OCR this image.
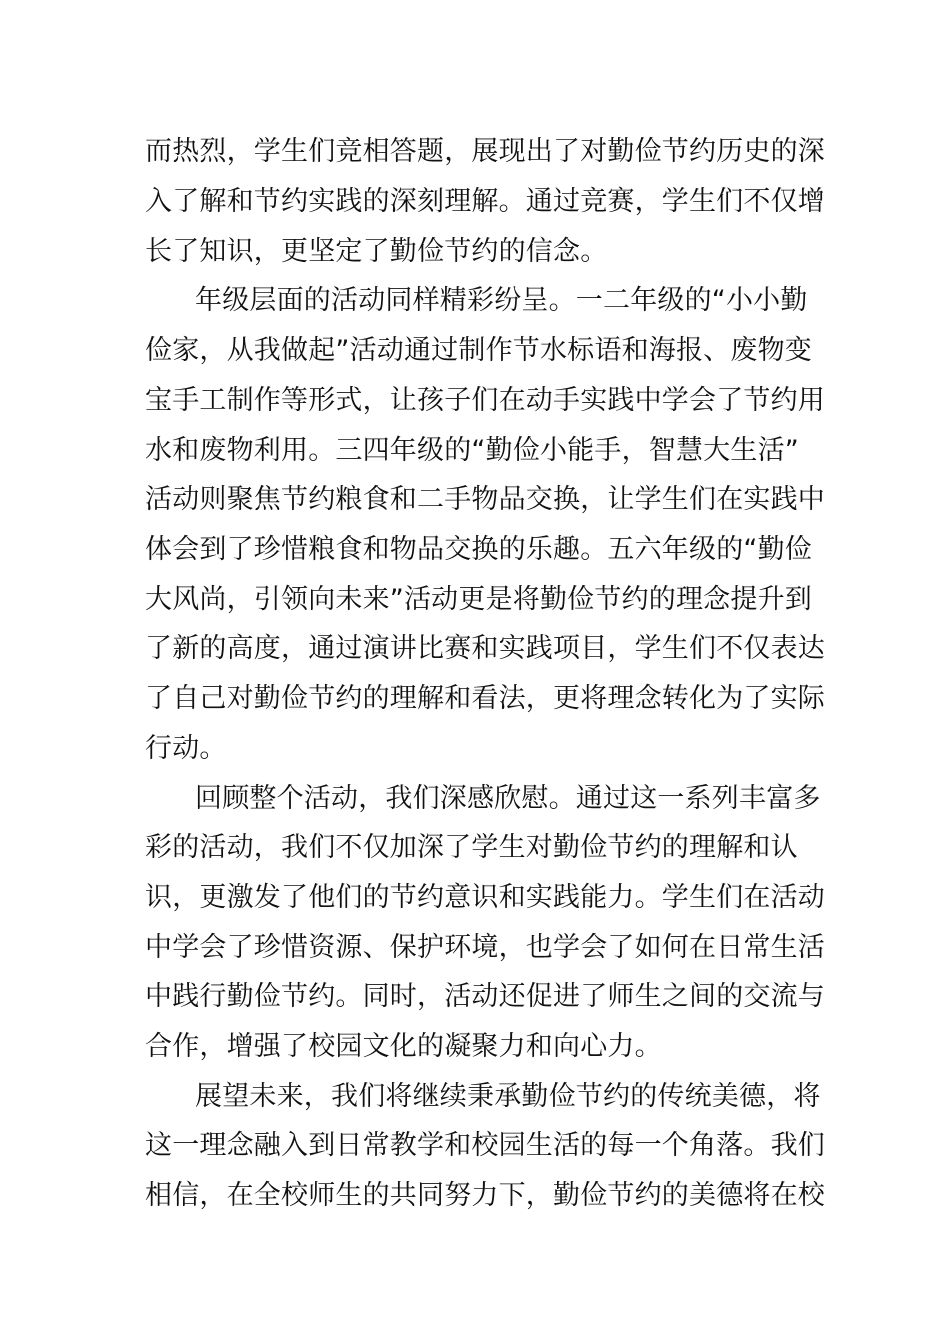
而热烈，学生们竞相答题，展现出了对勤俭节约历史的深
入了解和节约实践的深刻理解。通过竞赛，学生们不仅增
长了知识，更坚定了勤俭节约的信念。
年级层面的活动同样精彩纷呈。一二年级的“小小勤
俭家，从我做起”活动通过制作节水标语和海报、废物变
宝手工制作等形式，让孩子们在动手实践中学会了节约用
水和废物利用。三四年级的“勤俭小能手，智慧大生活”
活动则聚焦节约粮食和二手物品交换，让学生们在实践中
体会到了珍惜粮食和物品交换的乐趣。五六年级的“勤俭
大风尚，引领向未来”活动更是将勤俭节约的理念提升到
了新的高度，通过演讲比赛和实践项目，学生们不仅表达
了自己对勤俭节约的理解和看法，更将理念转化为了实际
行动。
回顾整个活动，我们深感欣慰。通过这一系列丰富多
彩的活动，我们不仅加深了学生对勤俭节约的理解和认
识，更激发了他们的节约意识和实践能力。学生们在活动
中学会了珍惜资源、保护环境，也学会了如何在日常生活
中践行勤俭节约。同时，活动还促进了师生之间的交流与
合作，增强了校园文化的凝聚力和向心力。
展望未来，我们将继续秉承勤俭节约的传统美德，将
这一理念融入到日常教学和校园生活的每一个角落。我们
相信，在全校师生的共同努力下，勤俭节约的美德将在校
